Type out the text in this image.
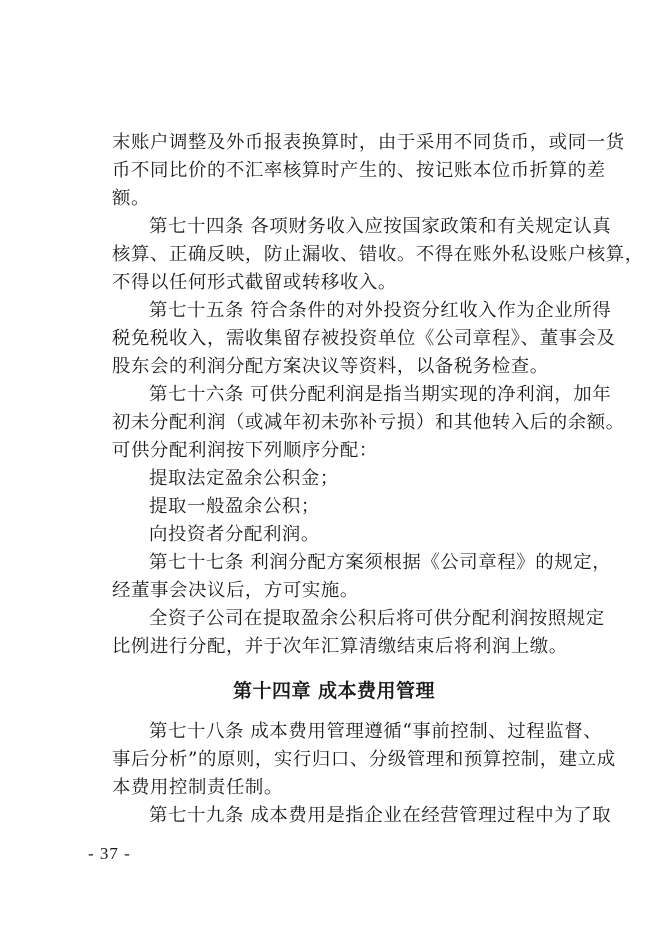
末账户调整及外币报表换算时，由于采用不同货币，或同一货
币不同比价的不汇率核算时产生的、按记账本位币折算的差
额。
第七十四条 各项财务收入应按国家政策和有关规定认真
核算、正确反映，防止漏收、错收。不得在账外私设账户核算，
不得以任何形式截留或转移收入。
第七十五条 符合条件的对外投资分红收入作为企业所得
税免税收入，需收集留存被投资单位《公司章程》、董事会及
股东会的利润分配方案决议等资料，以备税务检查。
第七十六条 可供分配利润是指当期实现的净利润，加年
初未分配利润（或减年初未弥补亏损）和其他转入后的余额。
可供分配利润按下列顺序分配：
提取法定盈余公积金；
提取一般盈余公积；
向投资者分配利润。
第七十七条 利润分配方案须根据《公司章程》的规定，
经董事会决议后，方可实施。
全资子公司在提取盈余公积后将可供分配利润按照规定
比例进行分配，并于次年汇算清缴结束后将利润上缴。
第十四章 成本费用管理
第七十八条 成本费用管理遵循“事前控制、过程监督、
事后分析”的原则，实行归口、分级管理和预算控制，建立成
本费用控制责任制。
第七十九条 成本费用是指企业在经营管理过程中为了取
- 37 -
